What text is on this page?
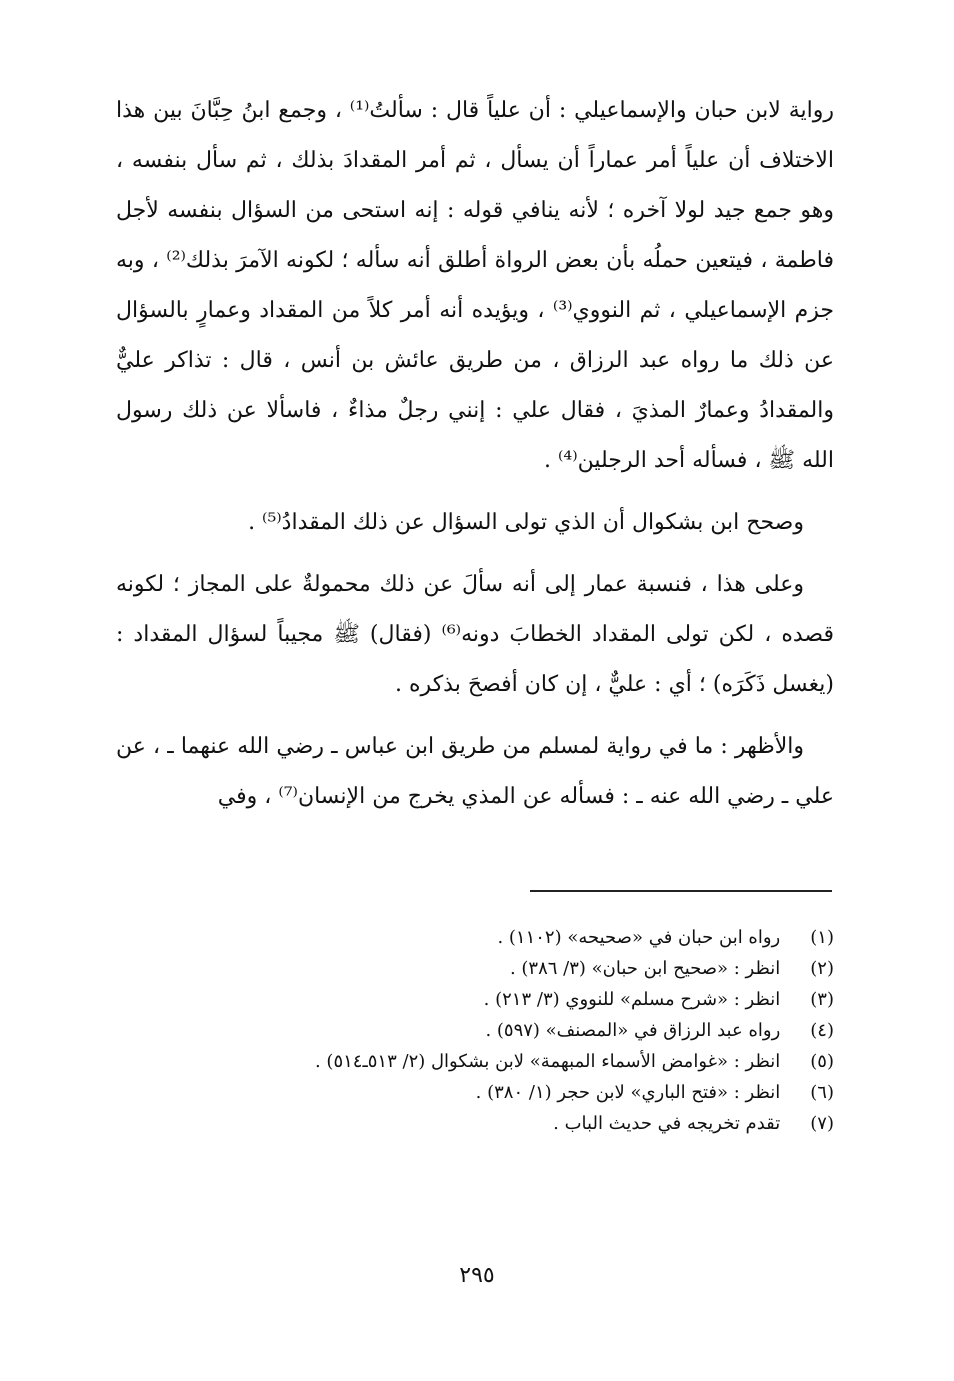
رواية لابن حبان والإسماعيلي : أن علياً قال : سألتُ⁽¹⁾ ، وجمع ابنُ حِبَّانَ بين هذا الاختلاف أن علياً أمر عماراً أن يسأل ، ثم أمر المقدادَ بذلك ، ثم سأل بنفسه ، وهو جمع جيد لولا آخره ؛ لأنه ينافي قوله : إنه استحى من السؤال بنفسه لأجل فاطمة ، فيتعين حملُه بأن بعض الرواة أطلق أنه سأله ؛ لكونه الآمرَ بذلك⁽²⁾ ، وبه جزم الإسماعيلي ، ثم النووي⁽³⁾ ، ويؤيده أنه أمر كلاً من المقداد وعمارٍ بالسؤال عن ذلك ما رواه عبد الرزاق ، من طريق عائش بن أنس ، قال : تذاكر عليٌّ والمقدادُ وعمارٌ المذيَ ، فقال علي : إنني رجلٌ مذاءٌ ، فاسألا عن ذلك رسول الله ﷺ ، فسأله أحد الرجلين⁽⁴⁾ .

وصحح ابن بشكوال أن الذي تولى السؤال عن ذلك المقدادُ⁽⁵⁾ .

وعلى هذا ، فنسبة عمار إلى أنه سألَ عن ذلك محمولةٌ على المجاز ؛ لكونه قصده ، لكن تولى المقداد الخطابَ دونه⁽⁶⁾ (فقال) ﷺ مجيباً لسؤال المقداد : (يغسل ذَكَرَه) ؛ أي : عليٌّ ، إن كان أفصحَ بذكره .

والأظهر : ما في رواية لمسلم من طريق ابن عباس ـ رضي الله عنهما ـ ، عن علي ـ رضي الله عنه ـ : فسأله عن المذي يخرج من الإنسان⁽⁷⁾ ، وفي

(١) رواه ابن حبان في «صحيحه» (١١٠٢) .

(٢) انظر : «صحيح ابن حبان» (٣/ ٣٨٦) .

(٣) انظر : «شرح مسلم» للنووي (٣/ ٢١٣) .

(٤) رواه عبد الرزاق في «المصنف» (٥٩٧) .

(٥) انظر : «غوامض الأسماء المبهمة» لابن بشكوال (٢/ ٥١٣ـ٥١٤) .

(٦) انظر : «فتح الباري» لابن حجر (١/ ٣٨٠) .

(٧) تقدم تخريجه في حديث الباب .

٢٩٥
